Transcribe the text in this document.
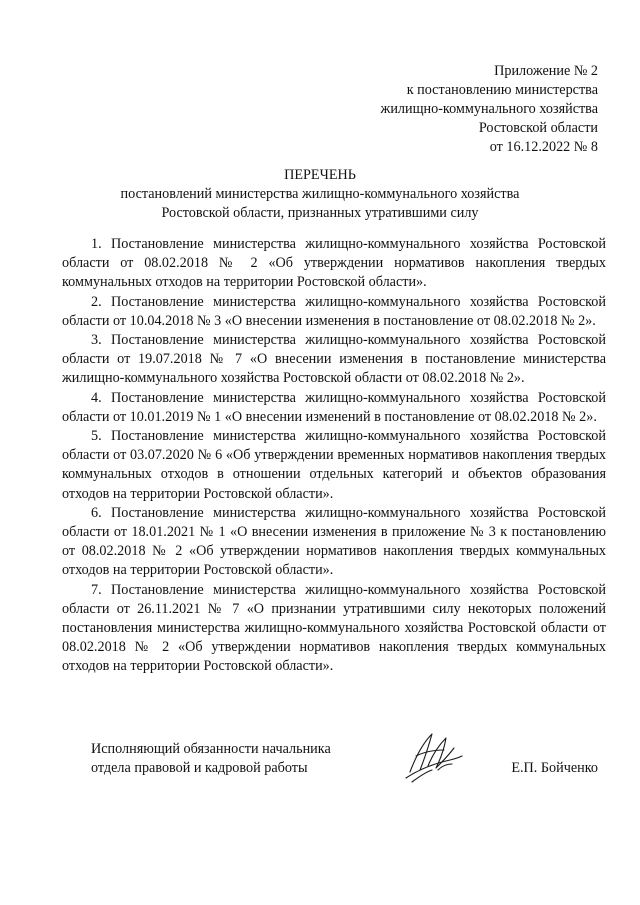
Приложение № 2
к постановлению министерства
жилищно-коммунального хозяйства
Ростовской области
от 16.12.2022 № 8
ПЕРЕЧЕНЬ
постановлений министерства жилищно-коммунального хозяйства
Ростовской области, признанных утратившими силу

1. Постановление министерства жилищно-коммунального хозяйства Ростовской области от 08.02.2018 № 2 «Об утверждении нормативов накопления твердых коммунальных отходов на территории Ростовской области».

2. Постановление министерства жилищно-коммунального хозяйства Ростовской области от 10.04.2018 № 3 «О внесении изменения в постановление от 08.02.2018 № 2».

3. Постановление министерства жилищно-коммунального хозяйства Ростовской области от 19.07.2018 № 7 «О внесении изменения в постановление министерства жилищно-коммунального хозяйства Ростовской области от 08.02.2018 № 2».

4. Постановление министерства жилищно-коммунального хозяйства Ростовской области от 10.01.2019 № 1 «О внесении изменений в постановление от 08.02.2018 № 2».

5. Постановление министерства жилищно-коммунального хозяйства Ростовской области от 03.07.2020 № 6 «Об утверждении временных нормативов накопления твердых коммунальных отходов в отношении отдельных категорий и объектов образования отходов на территории Ростовской области».

6. Постановление министерства жилищно-коммунального хозяйства Ростовской области от 18.01.2021 № 1 «О внесении изменения в приложение № 3 к постановлению от 08.02.2018 № 2 «Об утверждении нормативов накопления твердых коммунальных отходов на территории Ростовской области».

7. Постановление министерства жилищно-коммунального хозяйства Ростовской области от 26.11.2021 № 7 «О признании утратившими силу некоторых положений постановления министерства жилищно-коммунального хозяйства Ростовской области от 08.02.2018 № 2 «Об утверждении нормативов накопления твердых коммунальных отходов на территории Ростовской области».

Исполняющий обязанности начальника
отдела правовой и кадровой работы	Е.П. Бойченко
